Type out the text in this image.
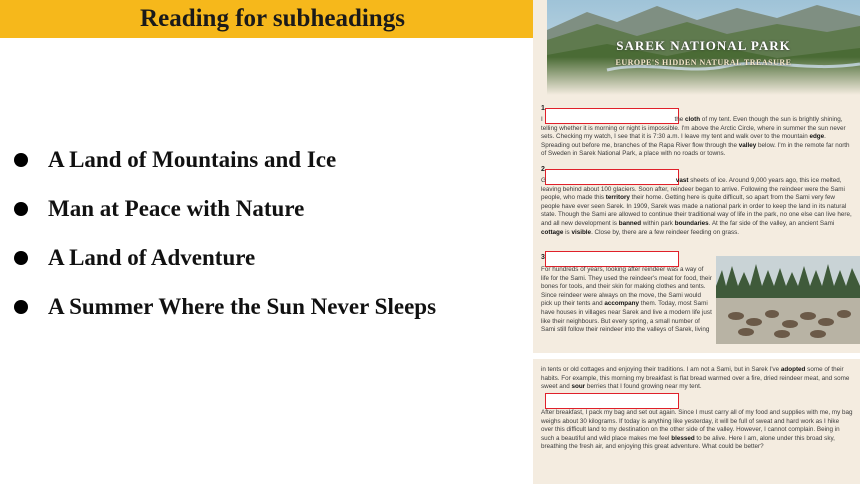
Reading for subheadings
A Land of Mountains and Ice
Man at Peace with Nature
A Land of Adventure
A Summer Where the Sun Never Sleeps
SAREK NATIONAL PARK
EUROPE'S HIDDEN NATURAL TREASURE
1

I	the cloth of my tent. Even though the sun is brightly shining, telling whether it is morning or night is impossible. I'm above the Arctic Circle, where in summer the sun never sets. Checking my watch, I see that it is 7:30 a.m. I leave my tent and walk over to the mountain edge. Spreading out before me, branches of the Rapa River flow through the valley below. I'm in the remote far north of Sweden in Sarek National Park, a place with no roads or towns.

2

G	vast sheets of ice. Around 9,000 years ago, this ice melted, leaving behind about 100 glaciers. Soon after, reindeer began to arrive. Following the reindeer were the Sami people, who made this territory their home. Getting here is quite difficult, so apart from the Sami very few people have ever seen Sarek. In 1909, Sarek was made a national park in order to keep the land in its natural state. Though the Sami are allowed to continue their traditional way of life in the park, no one else can live here, and all new development is banned within park boundaries. At the far side of the valley, an ancient Sami cottage is visible. Close by, there are a few reindeer feeding on grass.

3

For hundreds of years, looking after reindeer was a way of life for the Sami. They used the reindeer's meat for food, their bones for tools, and their skin for making clothes and tents. Since reindeer were always on the move, the Sami would pick up their tents and accompany them. Today, most Sami have houses in villages near Sarek and live a modern life just like their neighbours. But every spring, a small number of Sami still follow their reindeer into the valleys of Sarek, living

in tents or old cottages and enjoying their traditions. I am not a Sami, but in Sarek I've adopted some of their habits. For example, this morning my breakfast is flat bread warmed over a fire, dried reindeer meat, and some sweet and sour berries that I found growing near my tent.

After breakfast, I pack my bag and set out again. Since I must carry all of my food and supplies with me, my bag weighs about 30 kilograms. If today is anything like yesterday, it will be full of sweat and hard work as I hike over this difficult land to my destination on the other side of the valley. However, I cannot complain. Being in such a beautiful and wild place makes me feel blessed to be alive. Here I am, alone under this broad sky, breathing the fresh air, and enjoying this great adventure. What could be better?
